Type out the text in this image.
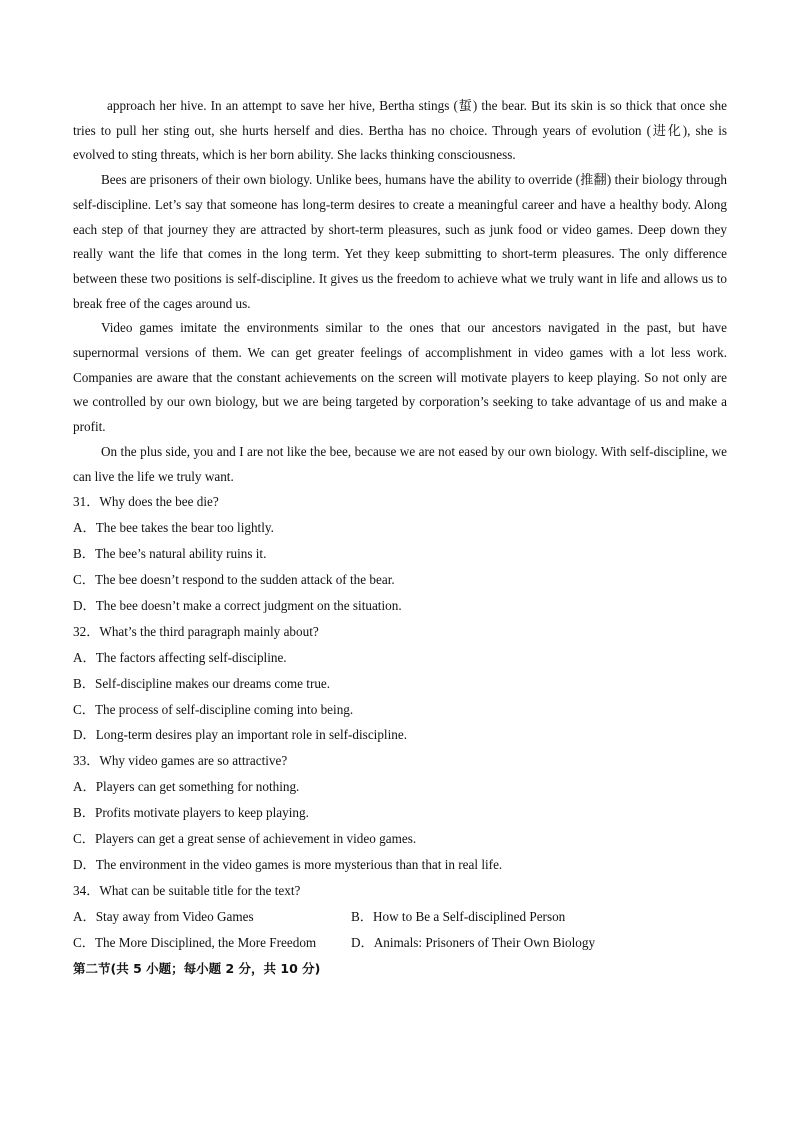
approach her hive. In an attempt to save her hive, Bertha stings (蜇) the bear. But its skin is so thick that once she tries to pull her sting out, she hurts herself and dies. Bertha has no choice. Through years of evolution (进化), she is evolved to sting threats, which is her born ability. She lacks thinking consciousness.

Bees are prisoners of their own biology. Unlike bees, humans have the ability to override (推翻) their biology through self-discipline. Let’s say that someone has long-term desires to create a meaningful career and have a healthy body. Along each step of that journey they are attracted by short-term pleasures, such as junk food or video games. Deep down they really want the life that comes in the long term. Yet they keep submitting to short-term pleasures. The only difference between these two positions is self-discipline. It gives us the freedom to achieve what we truly want in life and allows us to break free of the cages around us.

Video games imitate the environments similar to the ones that our ancestors navigated in the past, but have supernormal versions of them. We can get greater feelings of accomplishment in video games with a lot less work. Companies are aware that the constant achievements on the screen will motivate players to keep playing. So not only are we controlled by our own biology, but we are being targeted by corporation’s seeking to take advantage of us and make a profit.

On the plus side, you and I are not like the bee, because we are not eased by our own biology. With self-discipline, we can live the life we truly want.

31．Why does the bee die?
A．The bee takes the bear too lightly.
B．The bee’s natural ability ruins it.
C．The bee doesn’t respond to the sudden attack of the bear.
D．The bee doesn’t make a correct judgment on the situation.
32．What’s the third paragraph mainly about?
A．The factors affecting self-discipline.
B．Self-discipline makes our dreams come true.
C．The process of self-discipline coming into being.
D．Long-term desires play an important role in self-discipline.
33．Why video games are so attractive?
A．Players can get something for nothing.
B．Profits motivate players to keep playing.
C．Players can get a great sense of achievement in video games.
D．The environment in the video games is more mysterious than that in real life.
34．What can be suitable title for the text?
A．Stay away from Video Games	B．How to Be a Self-disciplined Person
C．The More Disciplined, the More Freedom	D．Animals: Prisoners of Their Own Biology
第二节(共 5 小题；每小题 2 分，共 10 分)
